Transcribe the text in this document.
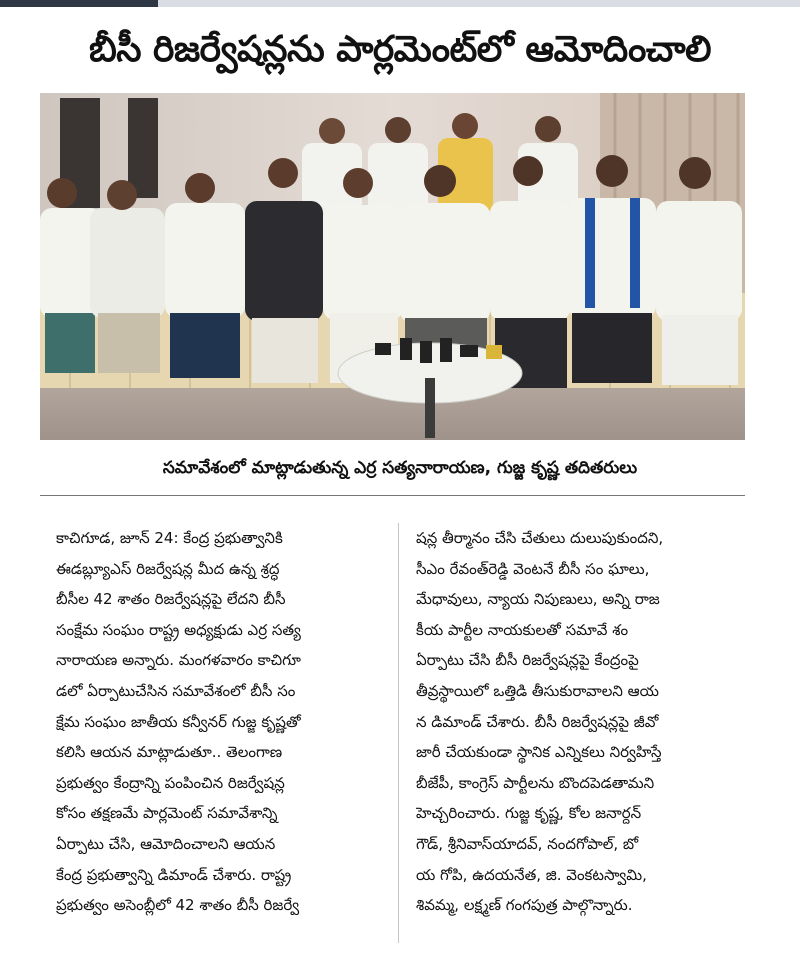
బీసీ రిజర్వేషన్లను పార్లమెంట్‌లో ఆమోదించాలి
సమావేశంలో మాట్లాడుతున్న ఎర్ర సత్యనారాయణ, గుజ్జ కృష్ణ తదితరులు
కాచిగూడ, జూన్ 24: కేంద్ర ప్రభుత్వానికి
ఈడబ్ల్యూఎస్ రిజర్వేషన్ల మీద ఉన్న శ్రద్ధ
బీసీల 42 శాతం రిజర్వేషన్లపై లేదని బీసీ
సంక్షేమ సంఘం రాష్ట్ర అధ్యక్షుడు ఎర్ర సత్య
నారాయణ అన్నారు. మంగళవారం కాచిగూ
డలో ఏర్పాటుచేసిన సమావేశంలో బీసీ సం
క్షేమ సంఘం జాతీయ కన్వీనర్ గుజ్జ కృష్ణతో
కలిసి ఆయన మాట్లాడుతూ.. తెలంగాణ
ప్రభుత్వం కేంద్రాన్ని పంపించిన రిజర్వేషన్ల
కోసం తక్షణమే పార్లమెంట్ సమావేశాన్ని
ఏర్పాటు చేసి, ఆమోదించాలని ఆయన
కేంద్ర ప్రభుత్వాన్ని డిమాండ్ చేశారు. రాష్ట్ర
ప్రభుత్వం అసెంబ్లీలో 42 శాతం బీసీ రిజర్వే
షన్ల తీర్మానం చేసి చేతులు దులుపుకుందని,
సీఎం రేవంత్‌రెడ్డి వెంటనే బీసీ సం ఘాలు,
మేధావులు, న్యాయ నిపుణులు, అన్ని రాజ
కీయ పార్టీల నాయకులతో సమావే శం
ఏర్పాటు చేసి బీసీ రిజర్వేషన్లపై కేంద్రంపై
తీవ్రస్థాయిలో ఒత్తిడి తీసుకురావాలని ఆయ
న డిమాండ్ చేశారు. బీసీ రిజర్వేషన్లపై జీవో
జారీ చేయకుండా స్థానిక ఎన్నికలు నిర్వహిస్తే
బీజేపీ, కాంగ్రెస్ పార్టీలను బొందపెడతామని
హెచ్చరించారు. గుజ్జ కృష్ణ, కోల జనార్దన్
గౌడ్, శ్రీనివాస్‌యాదవ్, నందగోపాల్, బో
య గోపి, ఉదయనేత, జి. వెంకటస్వామి,
శివమ్మ, లక్ష్మణ్ గంగపుత్ర పాల్గొన్నారు.
